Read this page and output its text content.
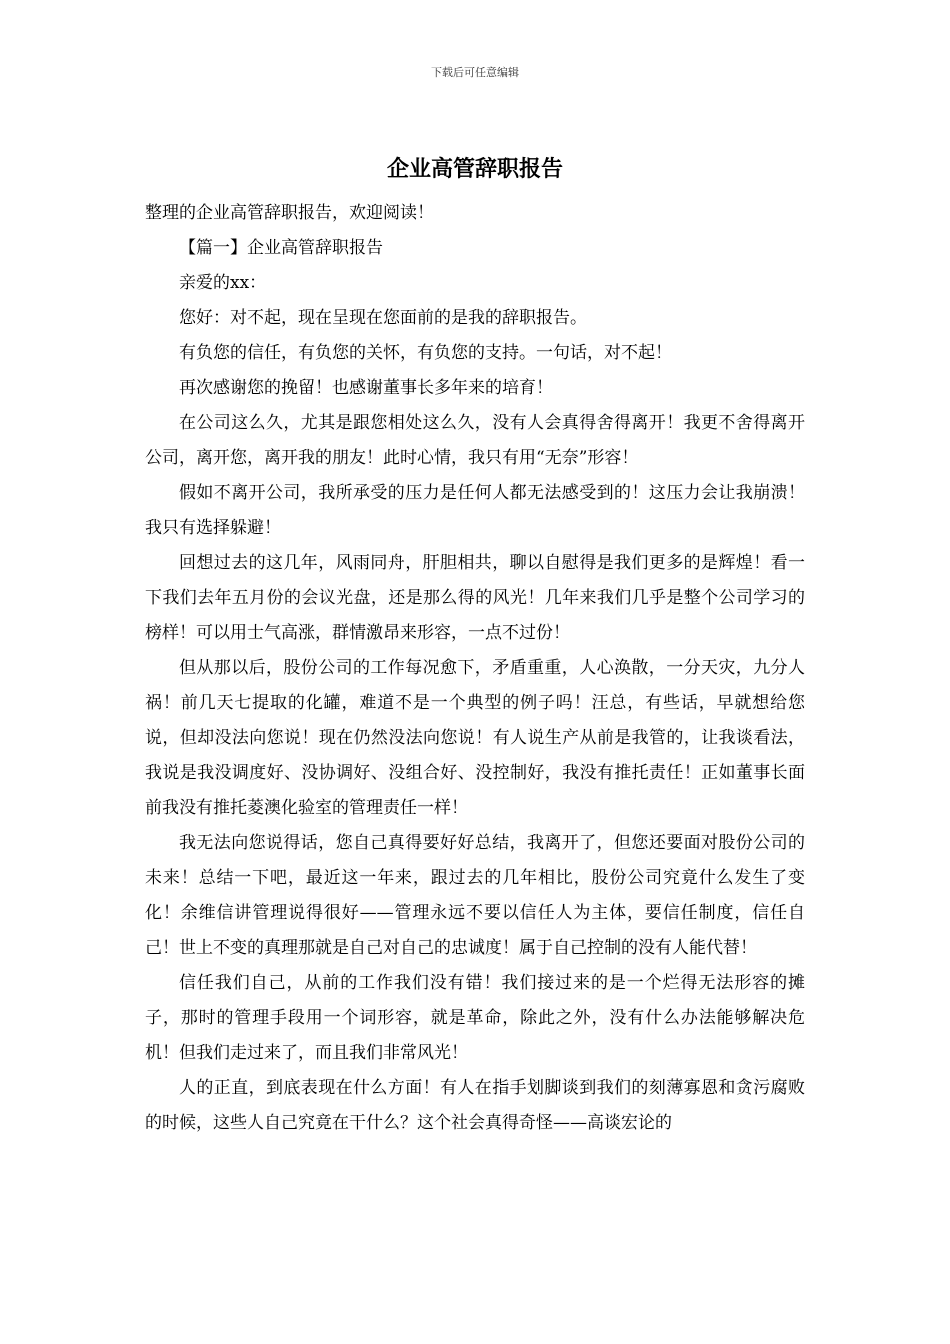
下载后可任意编辑
企业高管辞职报告

整理的企业高管辞职报告，欢迎阅读！

【篇一】企业高管辞职报告

亲爱的xx：

您好：对不起，现在呈现在您面前的是我的辞职报告。

有负您的信任，有负您的关怀，有负您的支持。一句话，对不起！

再次感谢您的挽留！也感谢董事长多年来的培育！

在公司这么久，尤其是跟您相处这么久，没有人会真得舍得离开！我更不舍得离开公司，离开您，离开我的朋友！此时心情，我只有用“无奈”形容！

假如不离开公司，我所承受的压力是任何人都无法感受到的！这压力会让我崩溃！我只有选择躲避！

回想过去的这几年，风雨同舟，肝胆相共，聊以自慰得是我们更多的是辉煌！看一下我们去年五月份的会议光盘，还是那么得的风光！几年来我们几乎是整个公司学习的榜样！可以用士气高涨，群情激昂来形容，一点不过份！

但从那以后，股份公司的工作每况愈下，矛盾重重，人心涣散，一分天灾，九分人祸！前几天七提取的化罐，难道不是一个典型的例子吗！汪总，有些话，早就想给您说，但却没法向您说！现在仍然没法向您说！有人说生产从前是我管的，让我谈看法，我说是我没调度好、没协调好、没组合好、没控制好，我没有推托责任！正如董事长面前我没有推托菱澳化验室的管理责任一样！

我无法向您说得话，您自己真得要好好总结，我离开了，但您还要面对股份公司的未来！总结一下吧，最近这一年来，跟过去的几年相比，股份公司究竟什么发生了变化！余维信讲管理说得很好——管理永远不要以信任人为主体，要信任制度，信任自己！世上不变的真理那就是自己对自己的忠诚度！属于自己控制的没有人能代替！

信任我们自己，从前的工作我们没有错！我们接过来的是一个烂得无法形容的摊子，那时的管理手段用一个词形容，就是革命，除此之外，没有什么办法能够解决危机！但我们走过来了，而且我们非常风光！

人的正直，到底表现在什么方面！有人在指手划脚谈到我们的刻薄寡恩和贪污腐败的时候，这些人自己究竟在干什么？这个社会真得奇怪——高谈宏论的
